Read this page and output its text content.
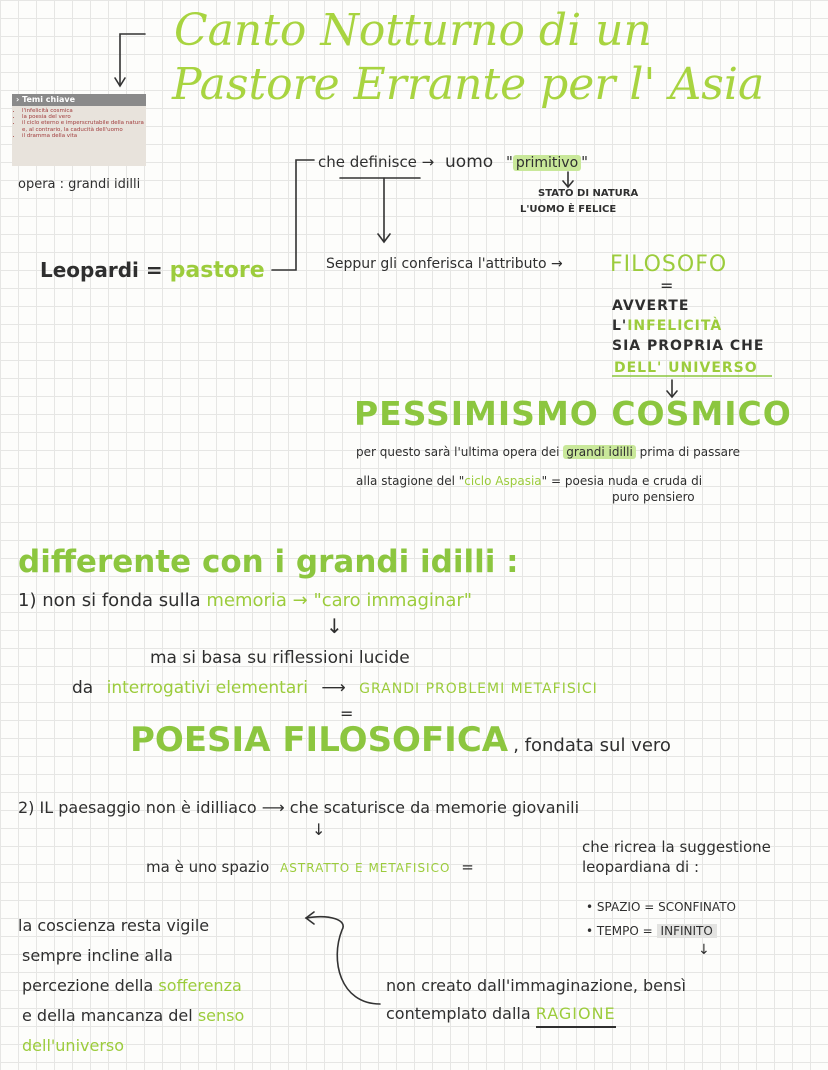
Canto Notturno di un
Pastore Errante per l' Asia
› Temi chiave
• l'infelicità cosmica
• la poesia del vero
• il ciclo eterno e imperscrutabile della natura e, al contrario, la caducità dell'uomo
• il dramma della vita
opera : grandi idilli
Leopardi = pastore
che definisce → uomo " primitivo "
STATO DI NATURA
L'UOMO È FELICE
Seppur gli conferisca l'attributo → FILOSOFO
=
AVVERTE
L'INFELICITÀ
SIA PROPRIA CHE
DELL' UNIVERSO
PESSIMISMO COSMICO
per questo sarà l'ultima opera dei grandi idilli prima di passare
alla stagione del "ciclo Aspasia" = poesia nuda e cruda di
puro pensiero
differente con i grandi idilli :
1) non si fonda sulla memoria → "caro immaginar"
↓
ma si basa su riflessioni lucide
da interrogativi elementari ⟶ GRANDI PROBLEMI METAFISICI
=
POESIA FILOSOFICA , fondata sul vero
2) IL paesaggio non è idilliaco ⟶ che scaturisce da memorie giovanili
↓
ma è uno spazio ASTRATTO E METAFISICO =
che ricrea la suggestione
leopardiana di :
• SPAZIO = SCONFINATO
• TEMPO = INFINITO
↓
la coscienza resta vigile
sempre incline alla
percezione della sofferenza
e della mancanza del senso
dell'universo
non creato dall'immaginazione, bensì
contemplato dalla RAGIONE
